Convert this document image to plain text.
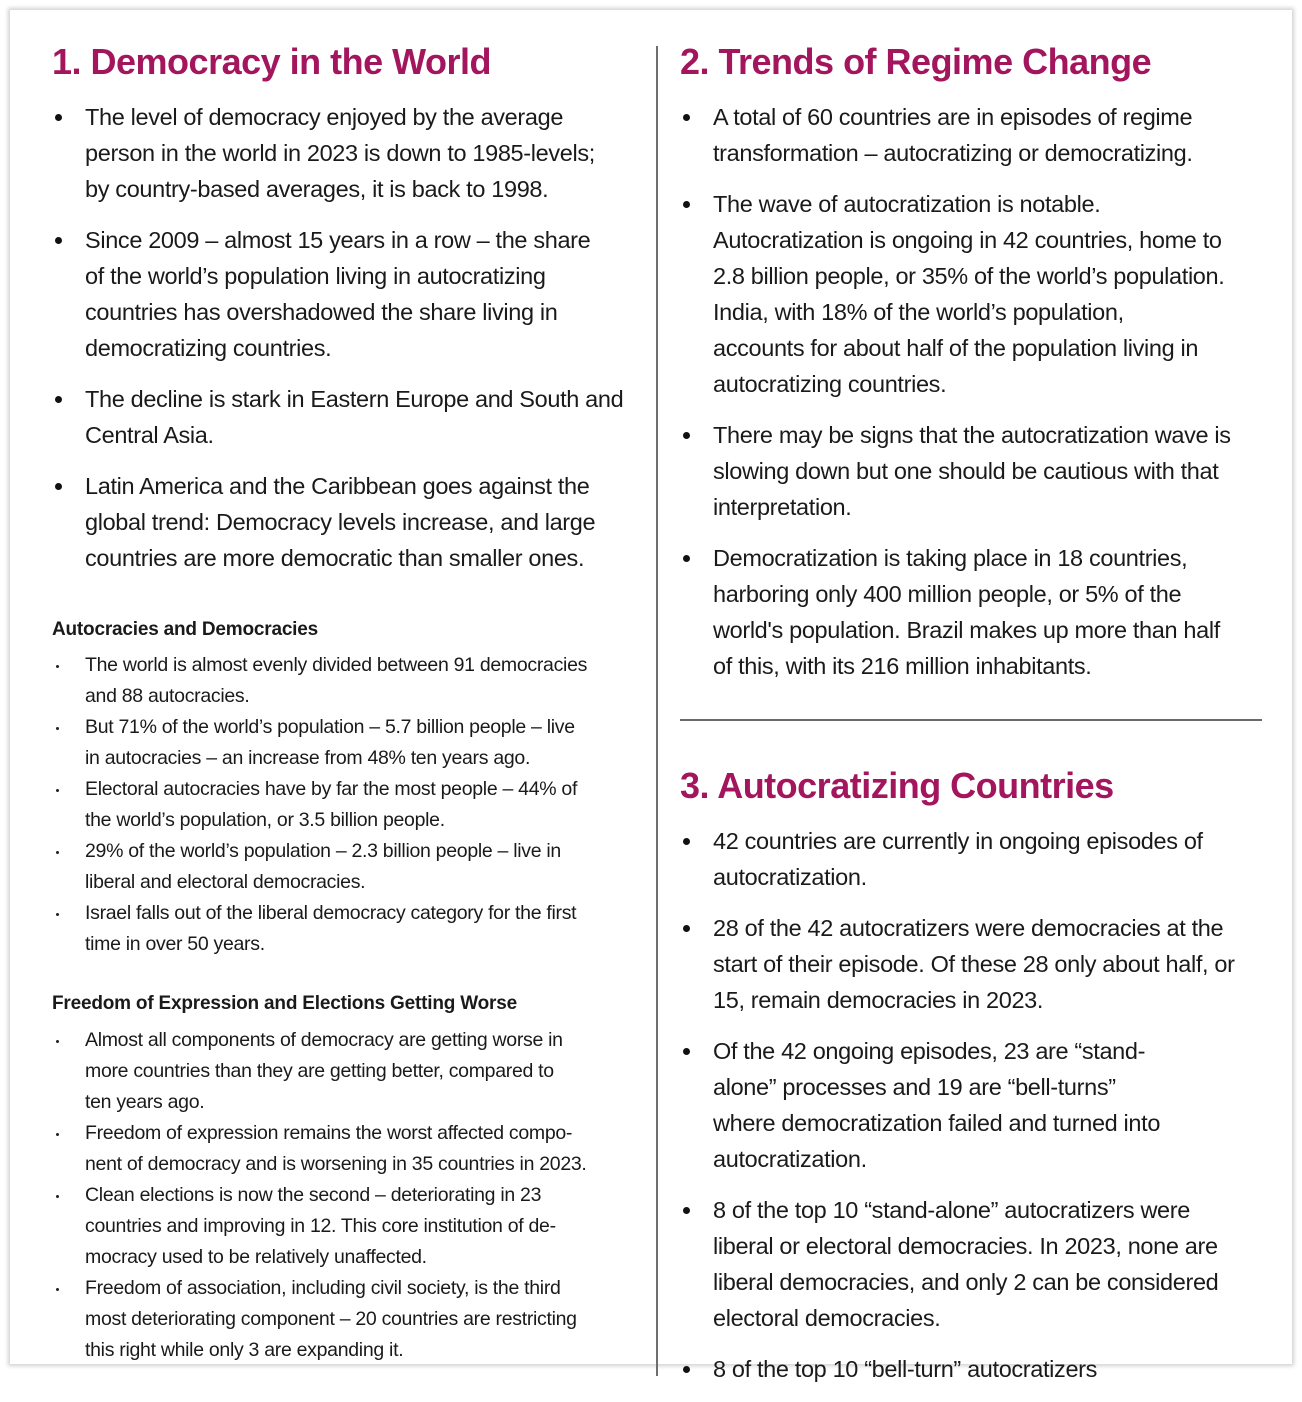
1. Democracy in the World
The level of democracy enjoyed by the average
person in the world in 2023 is down to 1985-levels;
by country-based averages, it is back to 1998.
Since 2009 – almost 15 years in a row – the share
of the world’s population living in autocratizing
countries has overshadowed the share living in
democratizing countries.
The decline is stark in Eastern Europe and South and
Central Asia.
Latin America and the Caribbean goes against the
global trend: Democracy levels increase, and large
countries are more democratic than smaller ones.
Autocracies and Democracies
The world is almost evenly divided between 91 democracies
and 88 autocracies.
But 71% of the world’s population – 5.7 billion people – live
in autocracies – an increase from 48% ten years ago.
Electoral autocracies have by far the most people – 44% of
the world’s population, or 3.5 billion people.
29% of the world’s population – 2.3 billion people – live in
liberal and electoral democracies.
Israel falls out of the liberal democracy category for the first
time in over 50 years.
Freedom of Expression and Elections Getting Worse
Almost all components of democracy are getting worse in
more countries than they are getting better, compared to
ten years ago.
Freedom of expression remains the worst affected compo-
nent of democracy and is worsening in 35 countries in 2023.
Clean elections is now the second – deteriorating in 23
countries and improving in 12. This core institution of de-
mocracy used to be relatively unaffected.
Freedom of association, including civil society, is the third
most deteriorating component – 20 countries are restricting
this right while only 3 are expanding it.
2. Trends of Regime Change
A total of 60 countries are in episodes of regime
transformation – autocratizing or democratizing.
The wave of autocratization is notable.
Autocratization is ongoing in 42 countries, home to
2.8 billion people, or 35% of the world’s population.
India, with 18% of the world’s population,
accounts for about half of the population living in
autocratizing countries.
There may be signs that the autocratization wave is
slowing down but one should be cautious with that
interpretation.
Democratization is taking place in 18 countries,
harboring only 400 million people, or 5% of the
world's population. Brazil makes up more than half
of this, with its 216 million inhabitants.
3. Autocratizing Countries
42 countries are currently in ongoing episodes of
autocratization.
28 of the 42 autocratizers were democracies at the
start of their episode. Of these 28 only about half, or
15, remain democracies in 2023.
Of the 42 ongoing episodes, 23 are “stand-
alone” processes and 19 are “bell-turns”
where democratization failed and turned into
autocratization.
8 of the top 10 “stand-alone” autocratizers were
liberal or electoral democracies. In 2023, none are
liberal democracies, and only 2 can be considered
electoral democracies.
8 of the top 10 “bell-turn” autocratizers
